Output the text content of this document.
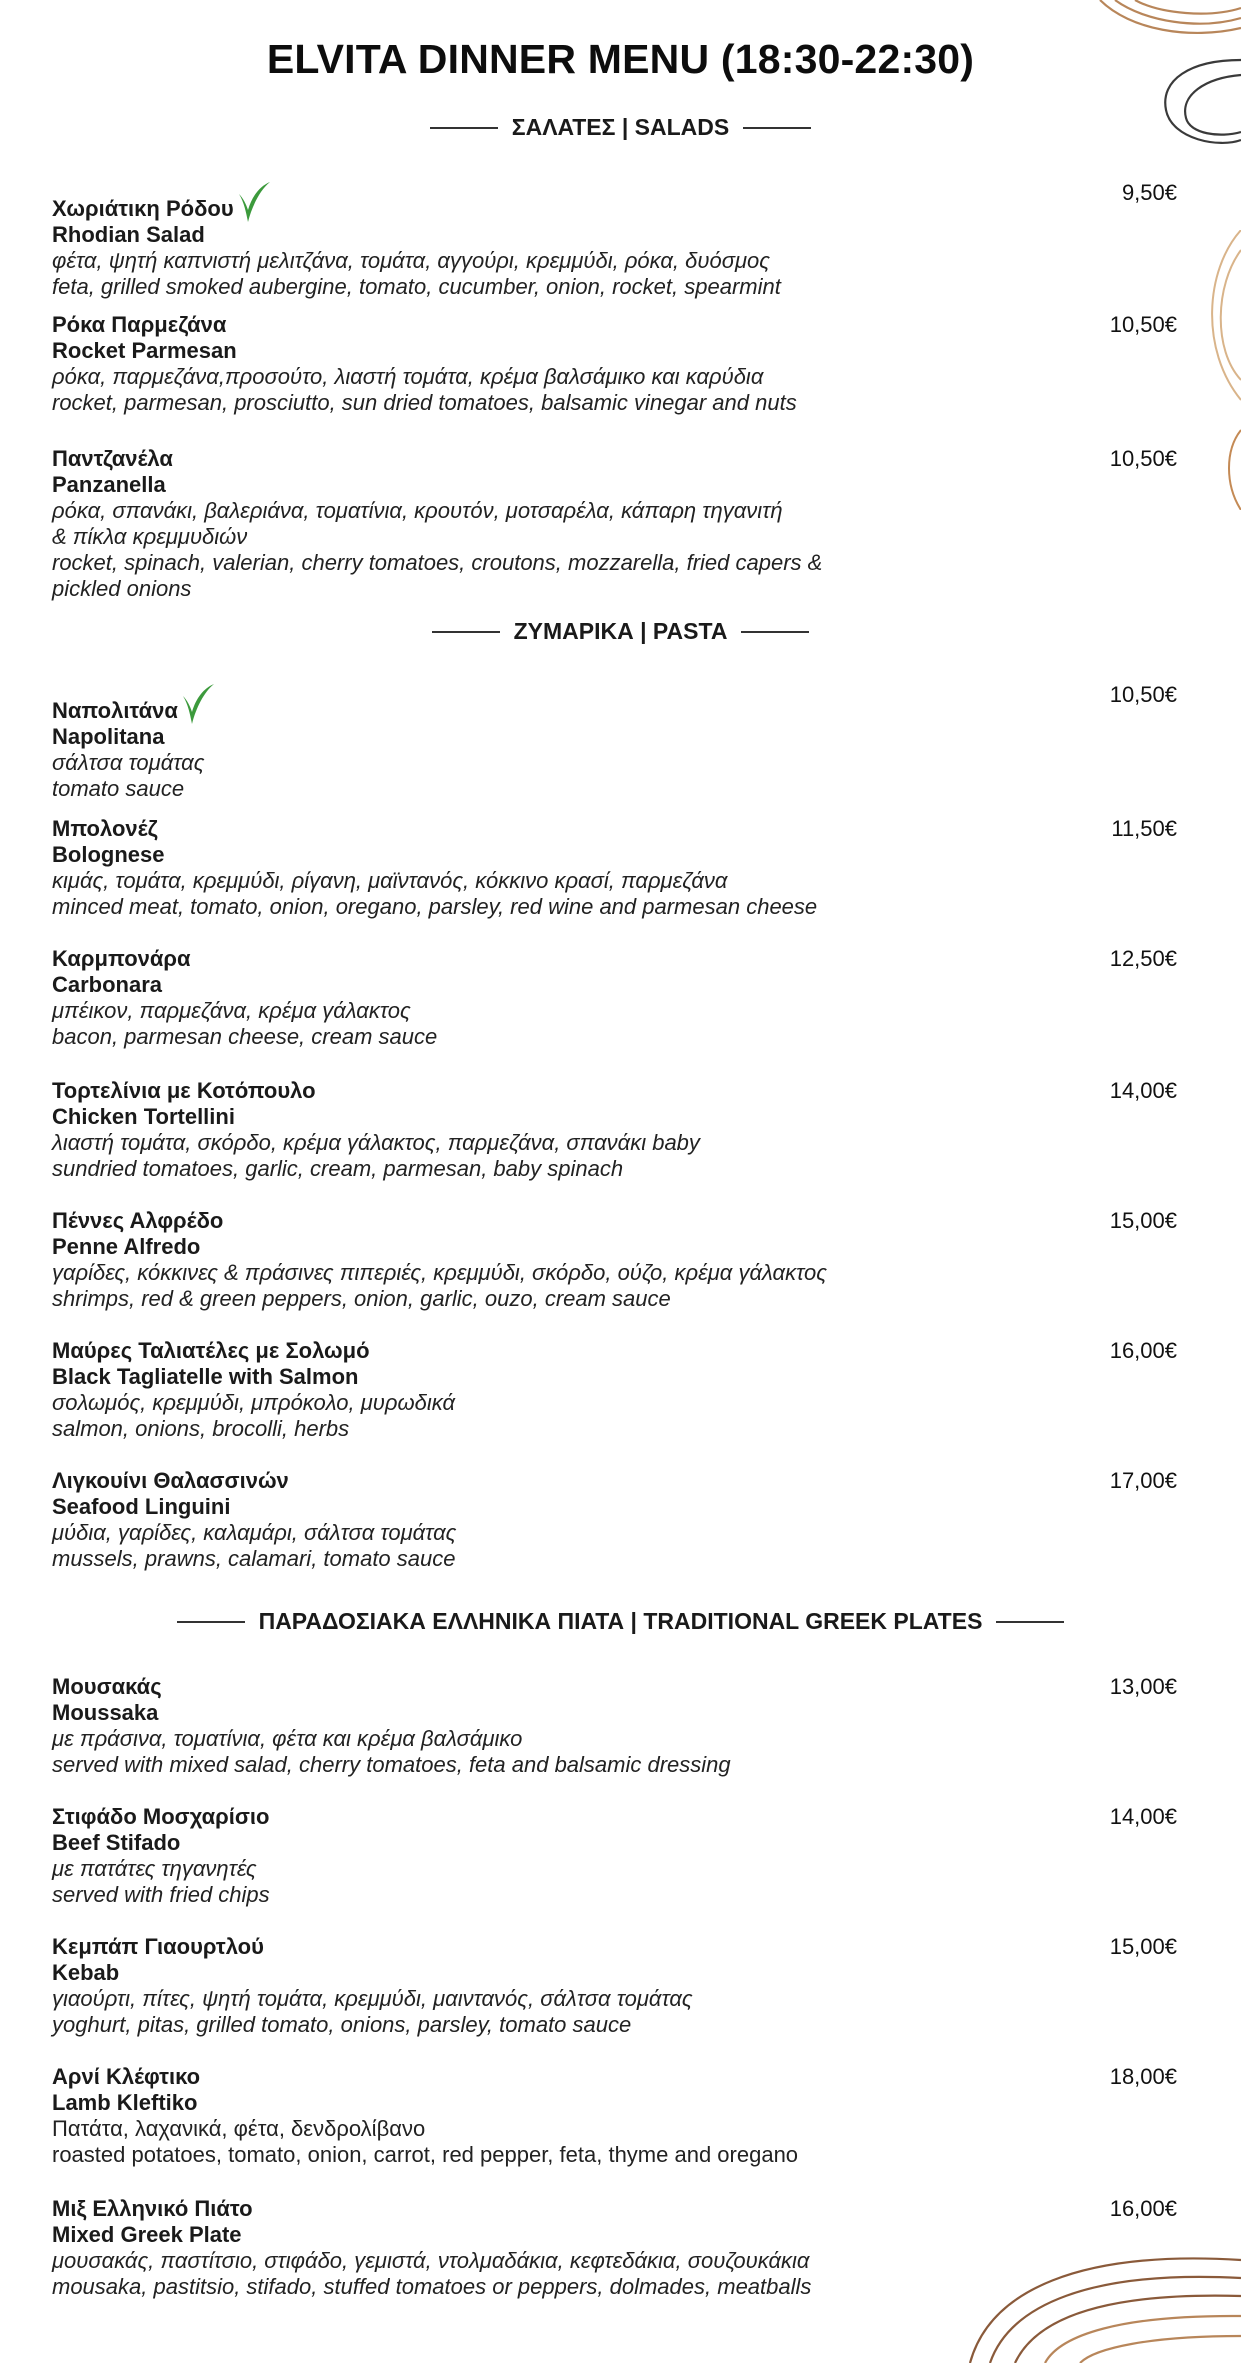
ELVITA DINNER MENU (18:30-22:30)
ΣΑΛΑΤΕΣ | SALADS
Χωριάτικη Ρόδου
Rhodian Salad
φέτα, ψητή καπνιστή μελιτζάνα, τομάτα, αγγούρι, κρεμμύδι, ρόκα, δυόσμος
feta, grilled smoked aubergine, tomato, cucumber, onion, rocket, spearmint
9,50€
Ρόκα Παρμεζάνα
Rocket Parmesan
ρόκα, παρμεζάνα,προσούτο, λιαστή τομάτα, κρέμα βαλσάμικο και καρύδια
rocket, parmesan, prosciutto, sun dried tomatoes, balsamic vinegar and nuts
10,50€
Παντζανέλα
Panzanella
ρόκα, σπανάκι, βαλεριάνα, τοματίνια, κρουτόν, μοτσαρέλα, κάπαρη τηγανιτή
& πίκλα κρεμμυδιών
rocket, spinach, valerian, cherry tomatoes, croutons, mozzarella, fried capers &
pickled onions
10,50€
ΖΥΜΑΡΙΚΑ | PASTA
Ναπολιτάνα
Napolitana
σάλτσα τομάτας
tomato sauce
10,50€
Μπολονέζ
Bolognese
κιμάς, τομάτα, κρεμμύδι, ρίγανη, μαϊντανός, κόκκινο κρασί, παρμεζάνα
minced meat, tomato, onion, oregano, parsley, red wine and parmesan cheese
11,50€
Καρμπονάρα
Carbonara
μπέικον, παρμεζάνα, κρέμα γάλακτος
bacon, parmesan cheese, cream sauce
12,50€
Τορτελίνια με Κοτόπουλο
Chicken Tortellini
λιαστή τομάτα, σκόρδο, κρέμα γάλακτος, παρμεζάνα, σπανάκι baby
sundried tomatoes, garlic, cream, parmesan, baby spinach
14,00€
Πέννες Αλφρέδο
Penne Alfredo
γαρίδες, κόκκινες & πράσινες πιπεριές, κρεμμύδι, σκόρδο, ούζο, κρέμα γάλακτος
shrimps, red & green peppers, onion, garlic, ouzo, cream sauce
15,00€
Μαύρες Ταλιατέλες με Σολωμό
Black Tagliatelle with Salmon
σολωμός, κρεμμύδι, μπρόκολο, μυρωδικά
salmon, onions, brocolli, herbs
16,00€
Λιγκουίνι Θαλασσινών
Seafood Linguini
μύδια, γαρίδες, καλαμάρι, σάλτσα τομάτας
mussels, prawns, calamari, tomato sauce
17,00€
ΠΑΡΑΔΟΣΙΑΚΑ ΕΛΛΗΝΙΚΑ ΠΙΑΤΑ | TRADITIONAL GREEK PLATES
Μουσακάς
Moussaka
με πράσινα, τοματίνια, φέτα και κρέμα βαλσάμικο
served with mixed salad, cherry tomatoes, feta and balsamic dressing
13,00€
Στιφάδο Μοσχαρίσιο
Beef Stifado
με πατάτες τηγανητές
served with fried chips
14,00€
Κεμπάπ Γιαουρτλού
Kebab
γιαούρτι, πίτες, ψητή τομάτα, κρεμμύδι, μαιντανός, σάλτσα τομάτας
yoghurt, pitas, grilled tomato, onions, parsley, tomato sauce
15,00€
Αρνί Κλέφτικο
Lamb Kleftiko
Πατάτα, λαχανικά, φέτα, δενδρολίβανο
roasted potatoes, tomato, onion, carrot, red pepper, feta, thyme and oregano
18,00€
Μιξ Ελληνικό Πιάτο
Mixed Greek Plate
μουσακάς, παστίτσιο, στιφάδο, γεμιστά, ντολμαδάκια, κεφτεδάκια, σουζουκάκια
mousaka, pastitsio, stifado, stuffed tomatoes or peppers, dolmades, meatballs
16,00€
